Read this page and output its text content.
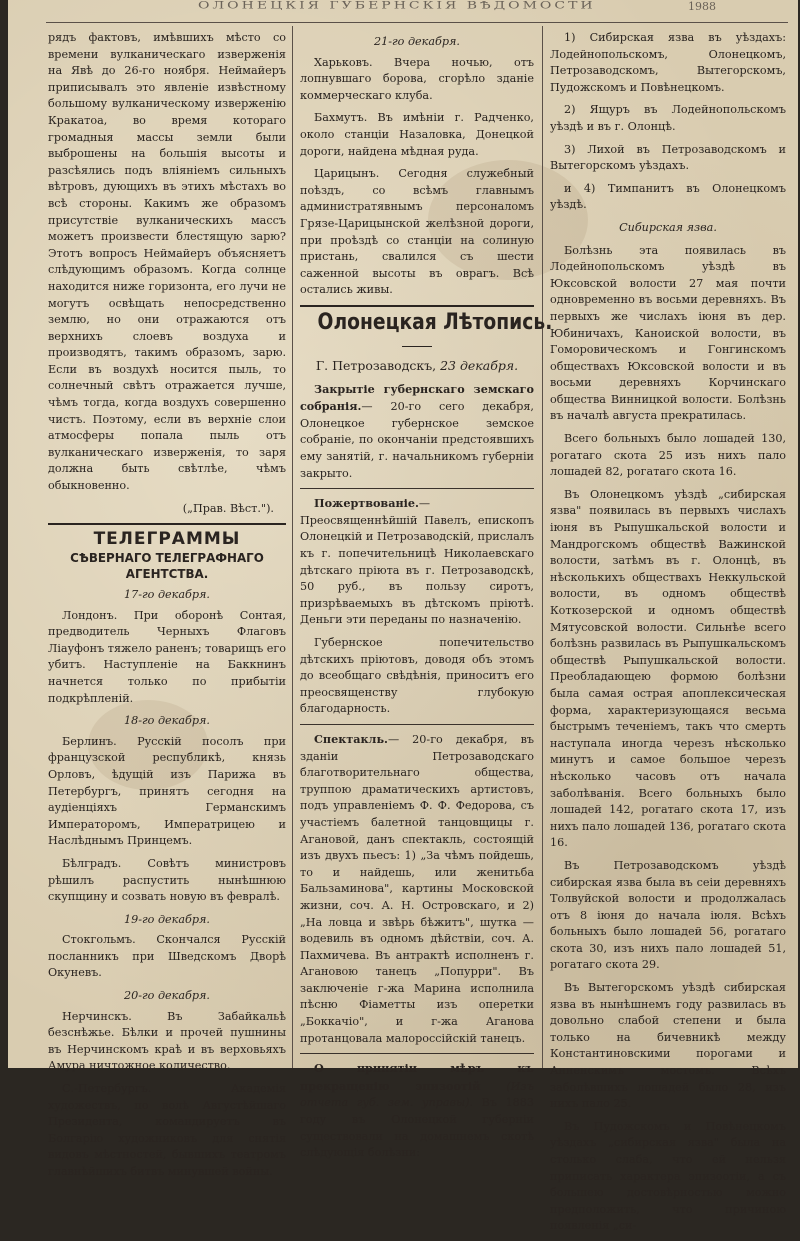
ОЛОНЕЦКІЯ ГУБЕРНСКІЯ ВѢДОМОСТИ	1988

рядъ фактовъ, имѣвшихъ мѣсто со времени вулканическаго изверженія на Явѣ до 26-го ноября. Неймайеръ приписывалъ это явленіе извѣстному большому вулканическому изверженію Кракатоа, во время котораго громадныя массы земли были выброшены на большія высоты и разсѣялись подъ вліяніемъ сильныхъ вѣтровъ, дующихъ въ этихъ мѣстахъ во всѣ стороны. Какимъ же образомъ присутствіе вулканическихъ массъ можетъ произвести блестящую зарю? Этотъ вопросъ Неймайеръ объясняетъ слѣдующимъ образомъ. Когда солнце находится ниже горизонта, его лучи не могутъ освѣщать непосредственно землю, но они отражаются отъ верхнихъ слоевъ воздуха и производятъ, такимъ образомъ, зарю. Если въ воздухѣ носится пыль, то солнечный свѣтъ отражается лучше, чѣмъ тогда, когда воздухъ совершенно чистъ. Поэтому, если въ верхніе слои атмосферы попала пыль отъ вулканическаго изверженія, то заря должна быть свѣтлѣе, чѣмъ обыкновенно.

(„Прав. Вѣст.").

ТЕЛЕГРАММЫ
СѢВЕРНАГО ТЕЛЕГРАФНАГО АГЕНТСТВА.

17-го декабря.

Лондонъ. При оборонѣ Сонтая, предводитель Черныхъ Флаговъ Ліауфонъ тяжело раненъ; товарищъ его убитъ. Наступленіе на Баккнинъ начнется только по прибытіи подкрѣпленій.

18-го декабря.

Берлинъ. Русскій посолъ при французской республикѣ, князь Орловъ, ѣдущій изъ Парижа въ Петербургъ, принятъ сегодня на аудіенціяхъ Германскимъ Императоромъ, Императрицею и Наслѣднымъ Принцемъ.

Бѣлградъ. Совѣтъ министровъ рѣшилъ распустить нынѣшнюю скупщину и созвать новую въ февралѣ.

19-го декабря.

Стокгольмъ. Скончался Русскій посланникъ при Шведскомъ Дворѣ Окуневъ.

20-го декабря.

Нерчинскъ. Въ Забайкальѣ безснѣжье. Бѣлки и прочей пушнины въ Нерчинскомъ краѣ и въ верховьяхъ Амура ничтожное количество.

С.-Петербургъ. Академія художествъ, по волѣ Августѣйшаго Президента, командируетъ въ Болгарію художниковъ для снятія видовъ мѣстностей, бывшихъ театромъ главнѣйшихъ битвъ минувшей войны.

21-го декабря.

Харьковъ. Вчера ночью, отъ лопнувшаго борова, сгорѣло зданіе коммерческаго клуба.

Бахмутъ. Въ имѣніи г. Радченко, около станціи Назаловка, Донецкой дороги, найдена мѣдная руда.

Царицынъ. Сегодня служебный поѣздъ, со всѣмъ главнымъ администратявнымъ персоналомъ Грязе-Царицынской желѣзной дороги, при проѣздѣ со станціи на солиную пристань, свалился съ шести саженной высоты въ оврагъ. Всѣ остались живы.

Олонецкая Лѣтопись.
Г. Петрозаводскъ, 23 декабря.

Закрытіе губернскаго земскаго собранія.— 20-го сего декабря, Олонецкое губернское земское собраніе, по окончаніи предстоявшихъ ему занятій, г. начальникомъ губерніи закрыто.

Пожертвованіе.— Преосвященнѣйшій Павелъ, епископъ Олонецкій и Петрозаводскій, прислалъ къ г. попечительницѣ Николаевскаго дѣтскаго пріюта въ г. Петрозаводскѣ, 50 руб., въ пользу сиротъ, призрѣваемыхъ въ дѣтскомъ пріютѣ. Деньги эти переданы по назначенію.

Губернское попечительство дѣтскихъ пріютовъ, доводя объ этомъ до всеобщаго свѣдѣнія, приноситъ его преосвященству глубокую благодарность.

Спектакль.— 20-го декабря, въ зданіи Петрозаводскаго благотворительнаго общества, труппою драматическихъ артистовъ, подъ управленіемъ Ф. Ф. Федорова, съ участіемъ балетной танцовщицы г. Агановой, данъ спектакль, состоящій изъ двухъ пьесъ: 1) „За чѣмъ пойдешь, то и найдешь, или женитьба Бальзаминова", картины Московской жизни, соч. А. Н. Островскаго, и 2) „На ловца и звѣрь бѣжитъ", шутка — водевиль въ одномъ дѣйствіи, соч. А. Пахмичева. Въ антрактѣ исполненъ г. Агановою танецъ „Попурри". Въ заключеніе г-жа Марина исполнила пѣсню Фіаметты изъ оперетки „Боккачіо", и г-жа Аганова протанцовала малороссійскій танецъ.

О принятіи мѣръ къ прекращенію эпизоотій (Изъ отчета губ. зем. управы). Въ 1883 году въ Олонецкой губерніи существовали на домашнемъ скотѣ слѣдующія болѣзни:

1) Сибирская язва въ уѣздахъ: Лодейнопольскомъ, Олонецкомъ, Петрозаводскомъ, Вытегорскомъ, Пудожскомъ и Повѣнецкомъ.

2) Ящуръ въ Лодейнопольскомъ уѣздѣ и въ г. Олонцѣ.

3) Лихой въ Петрозаводскомъ и Вытегорскомъ уѣздахъ.

и 4) Тимпанитъ въ Олонецкомъ уѣздѣ.

Сибирская язва.

Болѣзнь эта появилась въ Лодейнопольскомъ уѣздѣ въ Юксовской волости 27 мая почти одновременно въ восьми деревняхъ. Въ первыхъ же числахъ іюня въ дер. Юбиничахъ, Каноиской волости, въ Гоморовическомъ и Гонгинскомъ обществахъ Юксовской волости и въ восьми деревняхъ Корчинскаго общества Винницкой волости. Болѣзнь въ началѣ августа прекратилась.

Всего больныхъ было лошадей 130, рогатаго скота 25 изъ нихъ пало лошадей 82, рогатаго скота 16.

Въ Олонецкомъ уѣздѣ „сибирская язва" появилась въ первыхъ числахъ іюня въ Рыпушкальской волости и Мандрогскомъ обществѣ Важинской волости, затѣмъ въ г. Олонцѣ, въ нѣсколькихъ обществахъ Неккульской волости, въ одномъ обществѣ Коткозерской и одномъ обществѣ Мятусовской волости. Сильнѣе всего болѣзнь развилась въ Рыпушкальскомъ обществѣ Рыпушкальской волости. Преобладающею формою болѣзни была самая острая апоплексическая форма, характеризующаяся весьма быстрымъ теченіемъ, такъ что смерть наступала иногда черезъ нѣсколько минутъ и самое большое черезъ нѣсколько часовъ отъ начала заболѣванія. Всего больныхъ было лошадей 142, рогатаго скота 17, изъ нихъ пало лошадей 136, рогатаго скота 16.

Въ Петрозаводскомъ уѣздѣ сибирская язва была въ сеіи деревняхъ Толвуйской волости и продолжалась отъ 8 іюня до начала іюля. Всѣхъ больныхъ было лошадей 56, рогатаго скота 30, изъ нихъ пало лошадей 51, рогатаго скота 29.

Въ Вытегорскомъ уѣздѣ сибирская язва въ нынѣшнемъ году развилась въ довольно слабой степени и была только на бичевникѣ между Константиновскими порогами и Анненскимъ мостомъ. Всѣхъ заболѣвшихъ лошадей было 28, изъ нихъ пало 25.

Въ Пудожскомъ и Повѣнецкомъ уѣздахъ „сибирская язва" была на столько слаба, что ей нельзя приписать характера эпизоотіи, а съ большею достовѣрностью можно предположить, что причиною появленія „си-
